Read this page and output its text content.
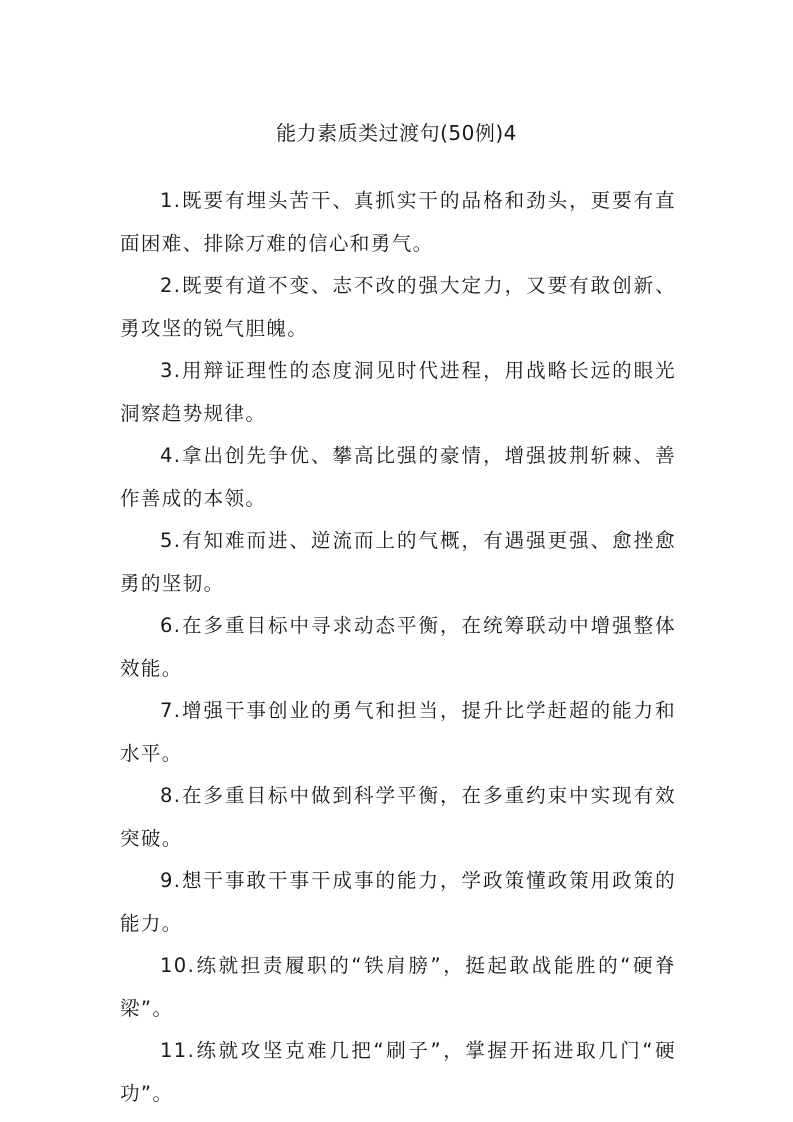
能力素质类过渡句(50例)4

1.既要有埋头苦干、真抓实干的品格和劲头，更要有直面困难、排除万难的信心和勇气。

2.既要有道不变、志不改的强大定力，又要有敢创新、勇攻坚的锐气胆魄。

3.用辩证理性的态度洞见时代进程，用战略长远的眼光洞察趋势规律。

4.拿出创先争优、攀高比强的豪情，增强披荆斩棘、善作善成的本领。

5.有知难而进、逆流而上的气概，有遇强更强、愈挫愈勇的坚韧。

6.在多重目标中寻求动态平衡，在统筹联动中增强整体效能。

7.增强干事创业的勇气和担当，提升比学赶超的能力和水平。

8.在多重目标中做到科学平衡，在多重约束中实现有效突破。

9.想干事敢干事干成事的能力，学政策懂政策用政策的能力。

10.练就担责履职的“铁肩膀”，挺起敢战能胜的“硬脊梁”。

11.练就攻坚克难几把“刷子”，掌握开拓进取几门“硬功”。
